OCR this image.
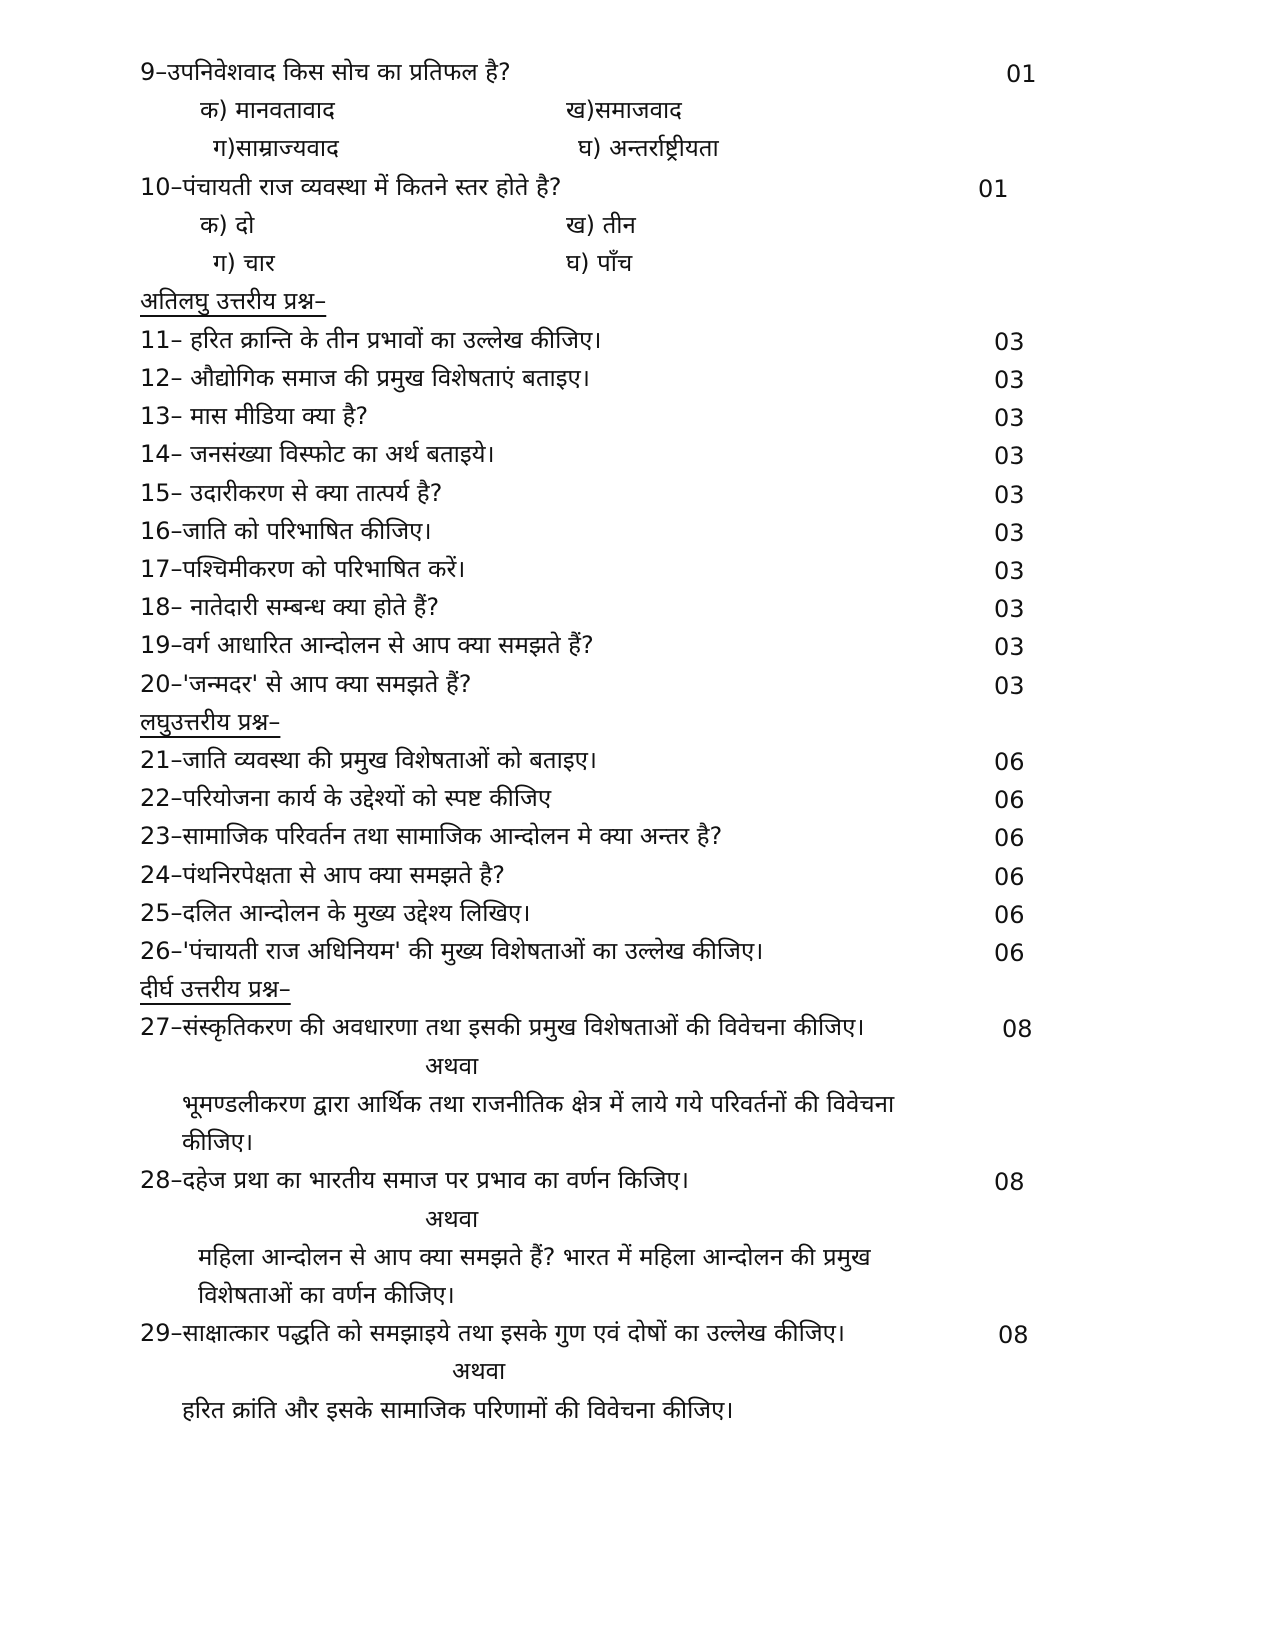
9–उपनिवेशवाद किस सोच का प्रतिफल है?	01
क) मानवतावाद	ख)समाजवाद
ग)साम्राज्यवाद	घ) अन्तर्राष्ट्रीयता
10–पंचायती राज व्यवस्था में कितने स्तर होते है?	01
क) दो	ख) तीन
ग) चार	घ) पाँच
अतिलघु उत्तरीय प्रश्न–
11– हरित क्रान्ति के तीन प्रभावों का उल्लेख कीजिए।	03
12– औद्योगिक समाज की प्रमुख विशेषताएं बताइए।	03
13– मास मीडिया क्या है?	03
14– जनसंख्या विस्फोट का अर्थ बताइये।	03
15– उदारीकरण से क्या तात्पर्य है?	03
16–जाति को परिभाषित कीजिए।	03
17–पश्चिमीकरण को परिभाषित करें।	03
18– नातेदारी सम्बन्ध क्या होते हैं?	03
19–वर्ग आधारित आन्दोलन से आप क्या समझते हैं?	03
20–'जन्मदर' से आप क्या समझते हैं?	03
लघुउत्तरीय प्रश्न–
21–जाति व्यवस्था की प्रमुख विशेषताओं को बताइए।	06
22–परियोजना कार्य के उद्देश्यों को स्पष्ट कीजिए	06
23–सामाजिक परिवर्तन तथा सामाजिक आन्दोलन मे क्या अन्तर है?	06
24–पंथनिरपेक्षता से आप क्या समझते है?	06
25–दलित आन्दोलन के मुख्य उद्देश्य लिखिए।	06
26–'पंचायती राज अधिनियम' की मुख्य विशेषताओं का उल्लेख कीजिए।	06
दीर्घ उत्तरीय प्रश्न–
27–संस्कृतिकरण की अवधारणा तथा इसकी प्रमुख विशेषताओं की विवेचना कीजिए।	08
अथवा
भूमण्डलीकरण द्वारा आर्थिक तथा राजनीतिक क्षेत्र में लाये गये परिवर्तनों की विवेचना
कीजिए।
28–दहेज प्रथा का भारतीय समाज पर प्रभाव का वर्णन किजिए।	08
अथवा
महिला आन्दोलन से आप क्या समझते हैं? भारत में महिला आन्दोलन की प्रमुख
विशेषताओं का वर्णन कीजिए।
29–साक्षात्कार पद्धति को समझाइये तथा इसके गुण एवं दोषों का उल्लेख कीजिए।	08
अथवा
हरित क्रांति और इसके सामाजिक परिणामों की विवेचना कीजिए।
